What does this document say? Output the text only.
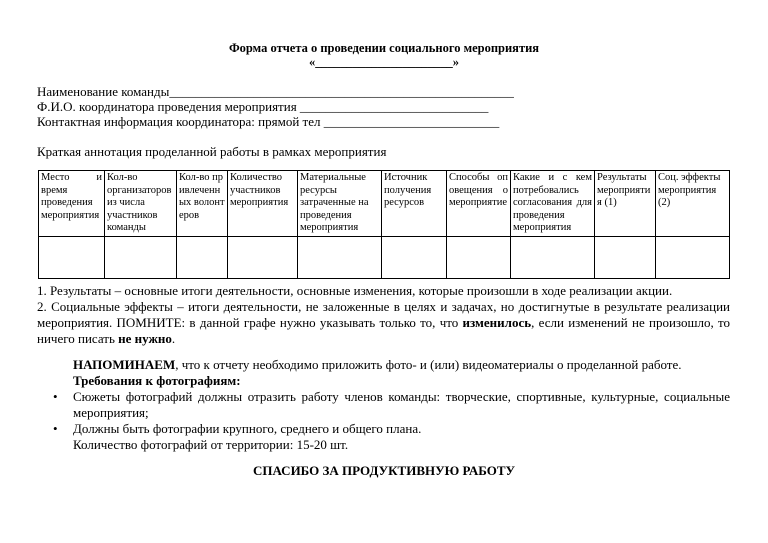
Форма отчета о проведении социального мероприятия
«______________________»
Наименование команды_____________________________________________________
Ф.И.О. координатора проведения мероприятия _____________________________
Контактная информация координатора: прямой тел ___________________________
Краткая аннотация проделанной работы в рамках мероприятия
Место и время проведения мероприятия	Кол-во организаторов из числа участников команды	Кол-во привлеченных волонтеров	Количество участников мероприятия	Материальные ресурсы затраченные на проведения мероприятия	Источник получения ресурсов	Способы оповещения о мероприятие	Какие и с кем потребовались согласования для проведения мероприятия	Результаты мероприятия (1)	Соц. эффекты мероприятия (2)

1. Результаты – основные итоги деятельности, основные изменения, которые произошли в ходе реализации акции.
2. Социальные эффекты – итоги деятельности, не заложенные в целях и задачах, но достигнутые в результате реализации
мероприятия. ПОМНИТЕ: в данной графе нужно указывать только то, что изменилось, если изменений не произошло, то
ничего писать не нужно.
НАПОМИНАЕМ, что к отчету необходимо приложить фото- и (или) видеоматериалы о проделанной работе.
Требования к фотографиям:
• Сюжеты фотографий должны отразить работу членов команды: творческие, спортивные, культурные, социальные
мероприятия;
• Должны быть фотографии крупного, среднего и общего плана.
Количество фотографий от территории: 15-20 шт.
СПАСИБО ЗА ПРОДУКТИВНУЮ РАБОТУ
